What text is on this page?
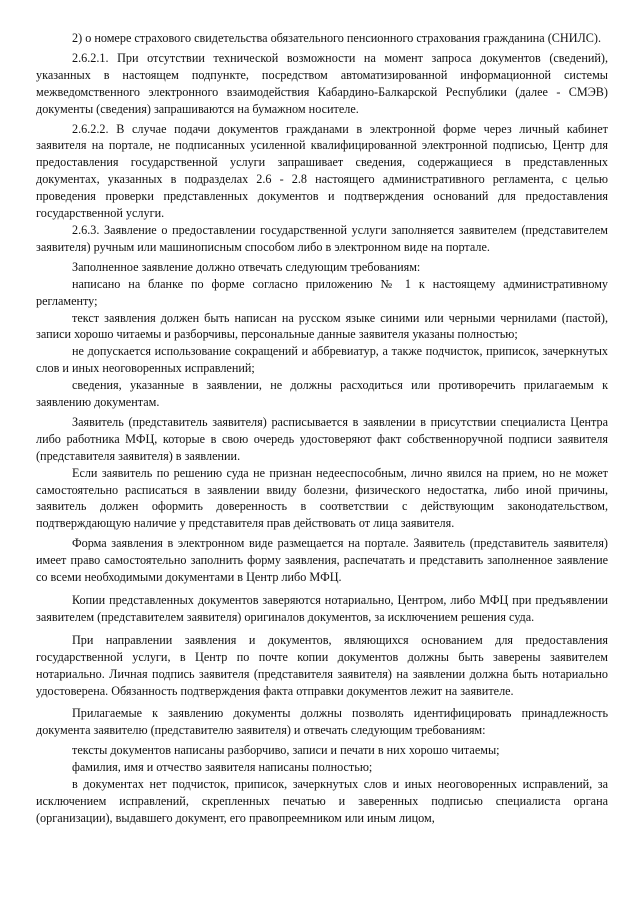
2) о номере страхового свидетельства обязательного пенсионного страхования гражданина (СНИЛС).

2.6.2.1. При отсутствии технической возможности на момент запроса документов (сведений), указанных в настоящем подпункте, посредством автоматизированной информационной системы межведомственного электронного взаимодействия Кабардино-Балкарской Республики (далее - СМЭВ) документы (сведения) запрашиваются на бумажном носителе.

2.6.2.2. В случае подачи документов гражданами в электронной форме через личный кабинет заявителя на портале, не подписанных усиленной квалифицированной электронной подписью, Центр для предоставления государственной услуги запрашивает сведения, содержащиеся в представленных документах, указанных в подразделах 2.6 - 2.8 настоящего административного регламента, с целью проведения проверки представленных документов и подтверждения оснований для предоставления государственной услуги.

2.6.3. Заявление о предоставлении государственной услуги заполняется заявителем (представителем заявителя) ручным или машинописным способом либо в электронном виде на портале.

Заполненное заявление должно отвечать следующим требованиям:

написано на бланке по форме согласно приложению № 1 к настоящему административному регламенту;

текст заявления должен быть написан на русском языке синими или черными чернилами (пастой), записи хорошо читаемы и разборчивы, персональные данные заявителя указаны полностью;

не допускается использование сокращений и аббревиатур, а также подчисток, приписок, зачеркнутых слов и иных неоговоренных исправлений;

сведения, указанные в заявлении, не должны расходиться или противоречить прилагаемым к заявлению документам.

Заявитель (представитель заявителя) расписывается в заявлении в присутствии специалиста Центра либо работника МФЦ, которые в свою очередь удостоверяют факт собственноручной подписи заявителя (представителя заявителя) в заявлении.

Если заявитель по решению суда не признан недееспособным, лично явился на прием, но не может самостоятельно расписаться в заявлении ввиду болезни, физического недостатка, либо иной причины, заявитель должен оформить доверенность в соответствии с действующим законодательством, подтверждающую наличие у представителя прав действовать от лица заявителя.

Форма заявления в электронном виде размещается на портале. Заявитель (представитель заявителя) имеет право самостоятельно заполнить форму заявления, распечатать и представить заполненное заявление со всеми необходимыми документами в Центр либо МФЦ.

Копии представленных документов заверяются нотариально, Центром, либо МФЦ при предъявлении заявителем (представителем заявителя) оригиналов документов, за исключением решения суда.

При направлении заявления и документов, являющихся основанием для предоставления государственной услуги, в Центр по почте копии документов должны быть заверены заявителем нотариально. Личная подпись заявителя (представителя заявителя) на заявлении должна быть нотариально удостоверена. Обязанность подтверждения факта отправки документов лежит на заявителе.

Прилагаемые к заявлению документы должны позволять идентифицировать принадлежность документа заявителю (представителю заявителя) и отвечать следующим требованиям:

тексты документов написаны разборчиво, записи и печати в них хорошо читаемы;

фамилия, имя и отчество заявителя написаны полностью;

в документах нет подчисток, приписок, зачеркнутых слов и иных неоговоренных исправлений, за исключением исправлений, скрепленных печатью и заверенных подписью специалиста органа (организации), выдавшего документ, его правопреемником или иным лицом,
